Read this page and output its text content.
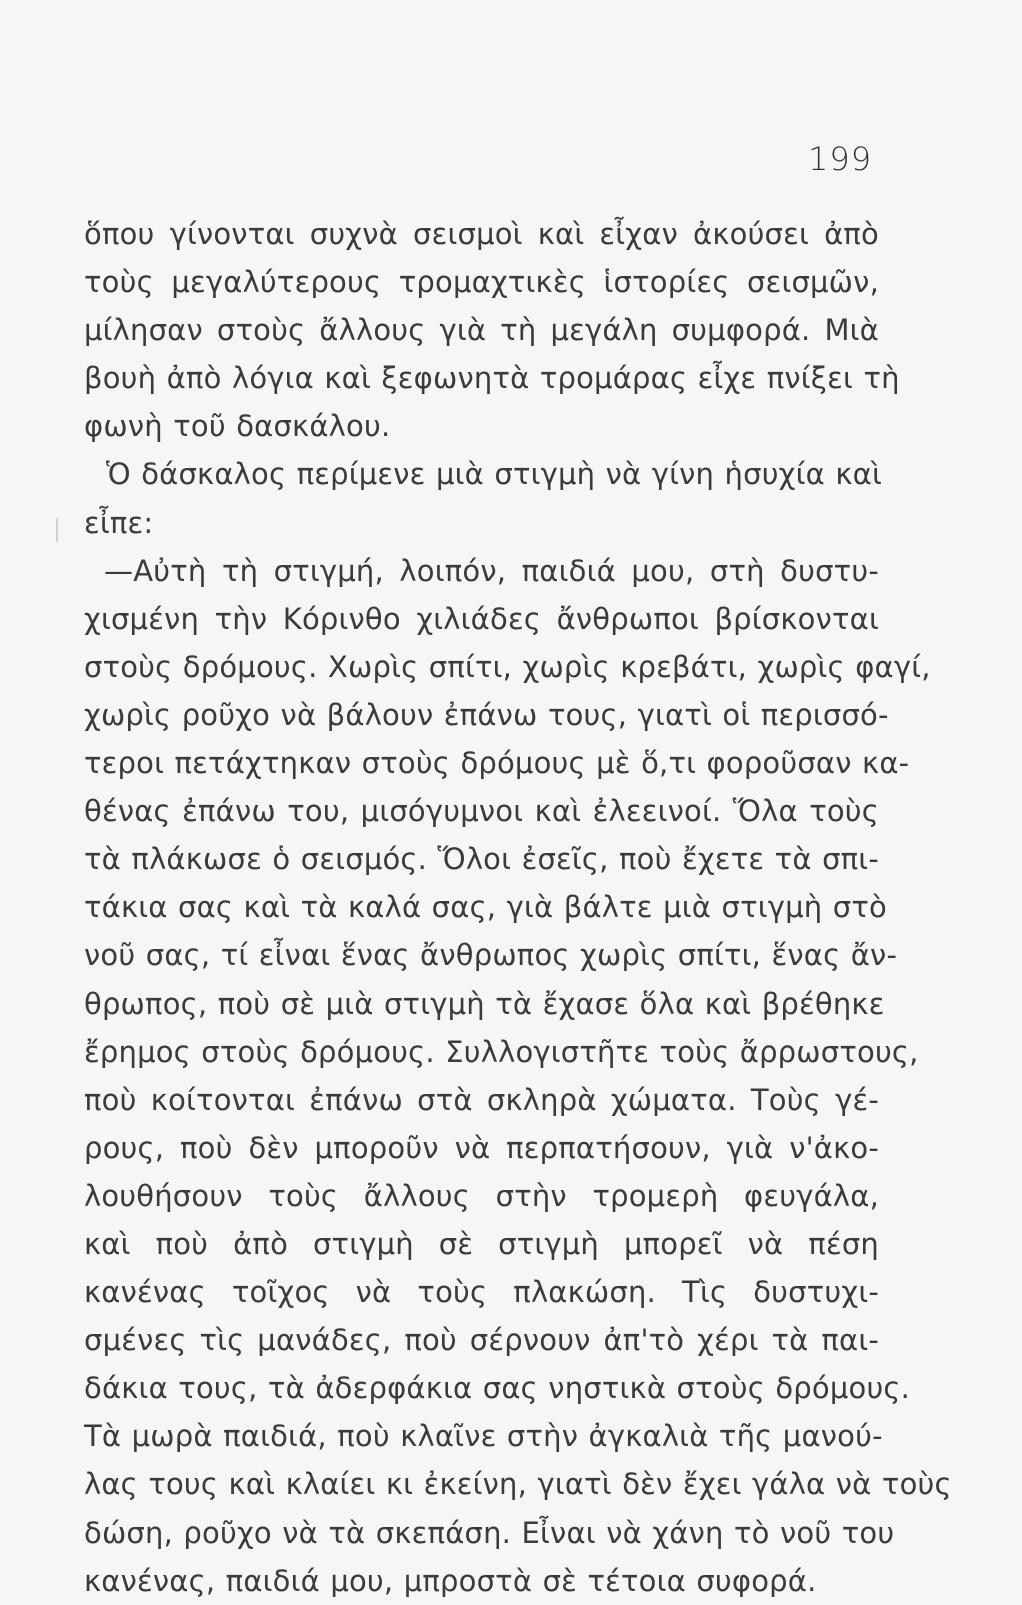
199
ὅπου γίνονται συχνὰ σεισμοὶ καὶ εἶχαν ἀκούσει ἀπὸ
τοὺς μεγαλύτερους τρομαχτικὲς ἱστορίες σεισμῶν,
μίλησαν στοὺς ἄλλους γιὰ τὴ μεγάλη συμφορά. Μιὰ
βουὴ ἀπὸ λόγια καὶ ξεφωνητὰ τρομάρας εἶχε πνίξει τὴ
φωνὴ τοῦ δασκάλου.
Ὁ δάσκαλος περίμενε μιὰ στιγμὴ νὰ γίνη ἡσυχία καὶ
εἶπε:
—Αὐτὴ τὴ στιγμή, λοιπόν, παιδιά μου, στὴ δυστυ-
χισμένη τὴν Κόρινθο χιλιάδες ἄνθρωποι βρίσκονται
στοὺς δρόμους. Χωρὶς σπίτι, χωρὶς κρεβάτι, χωρὶς φαγί,
χωρὶς ροῦχο νὰ βάλουν ἐπάνω τους, γιατὶ οἱ περισσό-
τεροι πετάχτηκαν στοὺς δρόμους μὲ ὅ,τι φοροῦσαν κα-
θένας ἐπάνω του, μισόγυμνοι καὶ ἐλεεινοί. Ὅλα τοὺς
τὰ πλάκωσε ὁ σεισμός. Ὅλοι ἐσεῖς, ποὺ ἔχετε τὰ σπι-
τάκια σας καὶ τὰ καλά σας, γιὰ βάλτε μιὰ στιγμὴ στὸ
νοῦ σας, τί εἶναι ἕνας ἄνθρωπος χωρὶς σπίτι, ἕνας ἄν-
θρωπος, ποὺ σὲ μιὰ στιγμὴ τὰ ἔχασε ὅλα καὶ βρέθηκε
ἔρημος στοὺς δρόμους. Συλλογιστῆτε τοὺς ἄρρωστους,
ποὺ κοίτονται ἐπάνω στὰ σκληρὰ χώματα. Τοὺς γέ-
ρους, ποὺ δὲν μποροῦν νὰ περπατήσουν, γιὰ ν'ἀκο-
λουθήσουν τοὺς ἄλλους στὴν τρομερὴ φευγάλα,
καὶ ποὺ ἀπὸ στιγμὴ σὲ στιγμὴ μπορεῖ νὰ πέση
κανένας τοῖχος νὰ τοὺς πλακώση. Τὶς δυστυχι-
σμένες τὶς μανάδες, ποὺ σέρνουν ἀπ'τὸ χέρι τὰ παι-
δάκια τους, τὰ ἀδερφάκια σας νηστικὰ στοὺς δρόμους.
Τὰ μωρὰ παιδιά, ποὺ κλαῖνε στὴν ἀγκαλιὰ τῆς μανού-
λας τους καὶ κλαίει κι ἐκείνη, γιατὶ δὲν ἔχει γάλα νὰ τοὺς
δώση, ροῦχο νὰ τὰ σκεπάση. Εἶναι νὰ χάνη τὸ νοῦ του
κανένας, παιδιά μου, μπροστὰ σὲ τέτοια συφορά.
